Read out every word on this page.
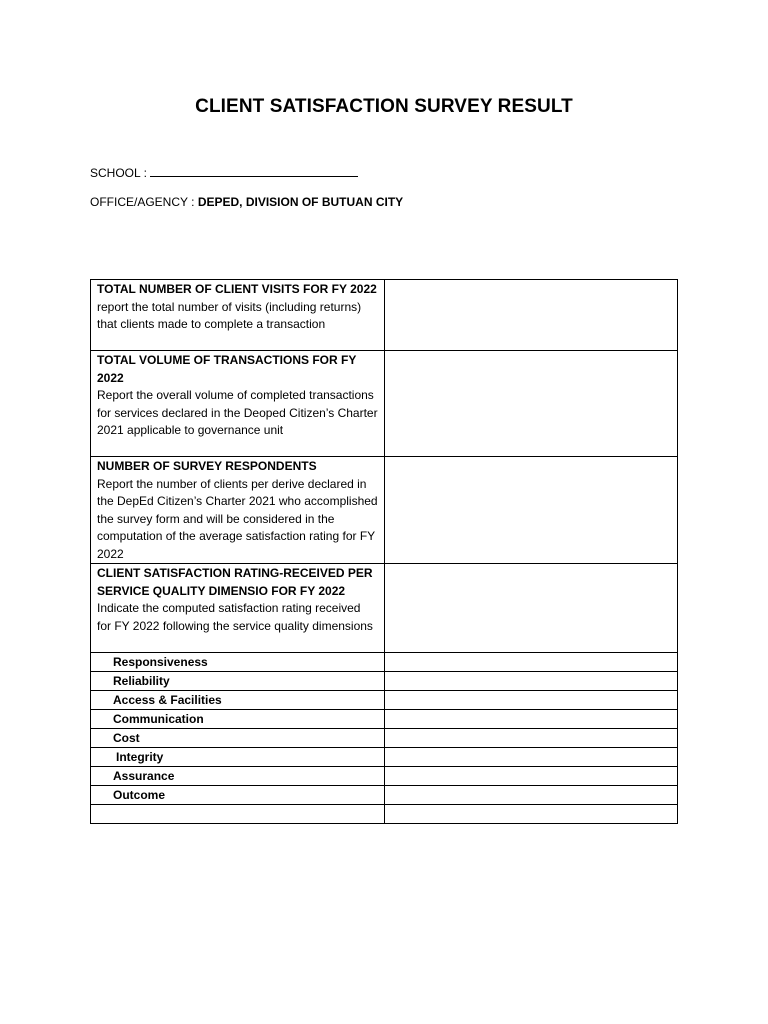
CLIENT SATISFACTION SURVEY RESULT
SCHOOL :
OFFICE/AGENCY : DEPED, DIVISION OF BUTUAN CITY
TOTAL NUMBER OF CLIENT VISITS FOR FY 2022
report the total number of visits (including returns) that clients made to complete a transaction	

TOTAL VOLUME OF TRANSACTIONS FOR FY 2022
Report the overall volume of completed transactions for services declared in the Deoped Citizen’s Charter 2021 applicable to governance unit	

NUMBER OF SURVEY RESPONDENTS
Report the number of clients per derive declared in the DepEd Citizen’s Charter 2021 who accomplished the survey form and will be considered in the computation of the average satisfaction rating for FY 2022	

CLIENT SATISFACTION RATING-RECEIVED PER SERVICE QUALITY DIMENSIO FOR FY 2022
Indicate the computed satisfaction rating received for FY 2022 following the service quality dimensions	

Responsiveness	
Reliability	
Access & Facilities	
Communication	
Cost	
Integrity	
Assurance	
Outcome	
